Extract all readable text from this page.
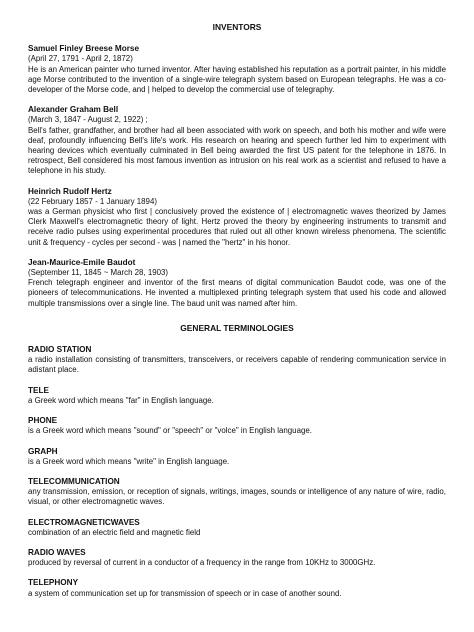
INVENTORS
Samuel Finley Breese Morse
(April 27, 1791 - April 2, 1872)

He is an American painter who turned inventor. After having established his reputation as a portrait painter, in his middle age Morse contributed to the invention of a single-wire telegraph system based on European telegraphs. He was a co-developer of the Morse code, and | helped to develop the commercial use of telegraphy.

Alexander Graham Bell
(March 3, 1847 - August 2, 1922) ;

Bell's father, grandfather, and brother had all been associated with work on speech, and both his mother and wife were deaf, profoundly influencing Bell's life's work. His research on hearing and speech further led him to experiment with hearing devices which eventually culminated in Bell being awarded the first US patent for the telephone in 1876. In retrospect, Bell considered his most famous invention as intrusion on his real work as a scientist and refused to have a telephone in his study.

Heinrich Rudolf Hertz
(22 February 1857 - 1 January 1894)

was a German physicist who first | conclusively proved the existence of | electromagnetic waves theorized by James Clerk Maxwell's electromagnetic theory of light. Hertz proved the theory by engineering instruments to transmit and receive radio pulses using experimental procedures that ruled out all other known wireless phenomena. The scientific unit & frequency - cycles per second - was | named the "hertz" in his honor.

Jean-Maurice-Emile Baudot
(September 11, 1845 ~ March 28, 1903)

French telegraph engineer and inventor of the first means of digital communication Baudot code, was one of the pioneers of telecommunications. He invented a multiplexed printing telegraph system that used his code and allowed multiple transmissions over a single line. The baud unit was named after him.

GENERAL TERMINOLOGIES
RADIO STATION

a radio installation consisting of transmitters, transceivers, or receivers capable of rendering communication service in adistant place.

TELE

a Greek word which means "far" in English language.

PHONE

is a Greek word which means "sound" or "speech" or "volce" in English language.

GRAPH

is a Greek word which means "write" in English language.

TELECOMMUNICATION

any transmission, emission, or reception of signals, writings, images, sounds or intelligence of any nature of wire, radio, visual, or other electromagnetic waves.

ELECTROMAGNETICWAVES

combination of an electric field and magnetic field

RADIO WAVES

produced by reversal of current in a conductor of a frequency in the range from 10KHz to 3000GHz.

TELEPHONY

a system of communication set up for transmission of speech or in case of another sound.
